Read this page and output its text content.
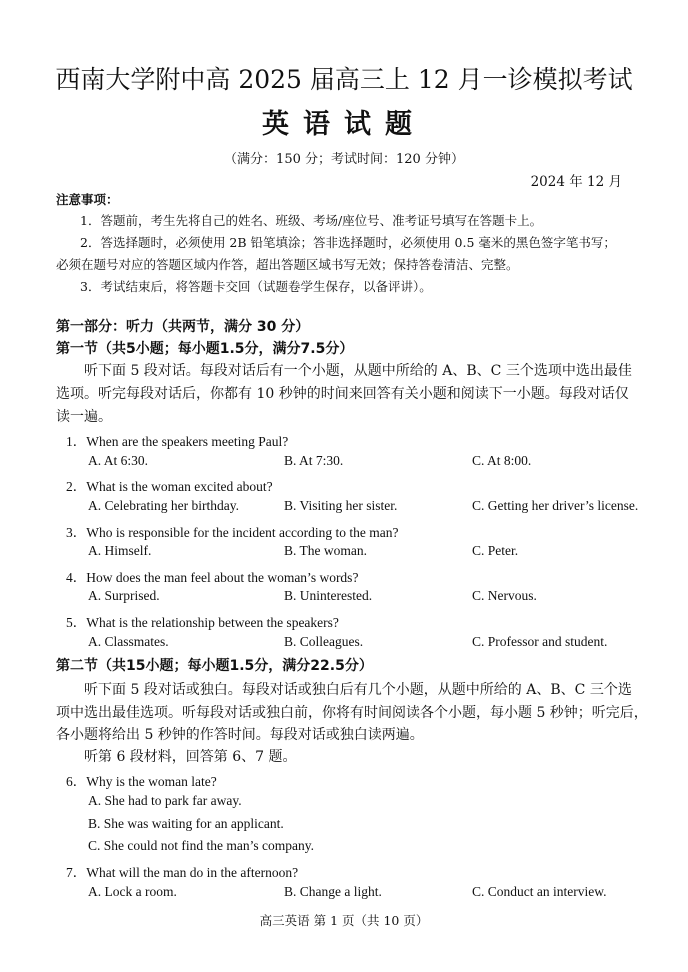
西南大学附中高 2025 届高三上 12 月一诊模拟考试
英语试题
（满分：150 分；考试时间：120 分钟）
2024 年 12 月
注意事项：
1．答题前，考生先将自己的姓名、班级、考场/座位号、准考证号填写在答题卡上。
2．答选择题时，必须使用 2B 铅笔填涂；答非选择题时，必须使用 0.5 毫米的黑色签字笔书写；
必须在题号对应的答题区域内作答，超出答题区域书写无效；保持答卷清洁、完整。
3．考试结束后，将答题卡交回（试题卷学生保存，以备评讲）。
第一部分：听力（共两节，满分 30 分）
第一节（共5小题；每小题1.5分，满分7.5分）
听下面 5 段对话。每段对话后有一个小题，从题中所给的 A、B、C 三个选项中选出最佳
选项。听完每段对话后，你都有 10 秒钟的时间来回答有关小题和阅读下一小题。每段对话仅
读一遍。
1．When are the speakers meeting Paul?
A. At 6:30.	B. At 7:30.	C. At 8:00.
2．What is the woman excited about?
A. Celebrating her birthday.	B. Visiting her sister.	C. Getting her driver’s license.
3．Who is responsible for the incident according to the man?
A. Himself.	B. The woman.	C. Peter.
4．How does the man feel about the woman’s words?
A. Surprised.	B. Uninterested.	C. Nervous.
5．What is the relationship between the speakers?
A. Classmates.	B. Colleagues.	C. Professor and student.
第二节（共15小题；每小题1.5分，满分22.5分）
听下面 5 段对话或独白。每段对话或独白后有几个小题，从题中所给的 A、B、C 三个选
项中选出最佳选项。听每段对话或独白前，你将有时间阅读各个小题，每小题 5 秒钟；听完后，
各小题将给出 5 秒钟的作答时间。每段对话或独白读两遍。
听第 6 段材料，回答第 6、7 题。
6．Why is the woman late?
A. She had to park far away.
B. She was waiting for an applicant.
C. She could not find the man’s company.
7．What will the man do in the afternoon?
A. Lock a room.	B. Change a light.	C. Conduct an interview.
高三英语 第 1 页（共 10 页）
